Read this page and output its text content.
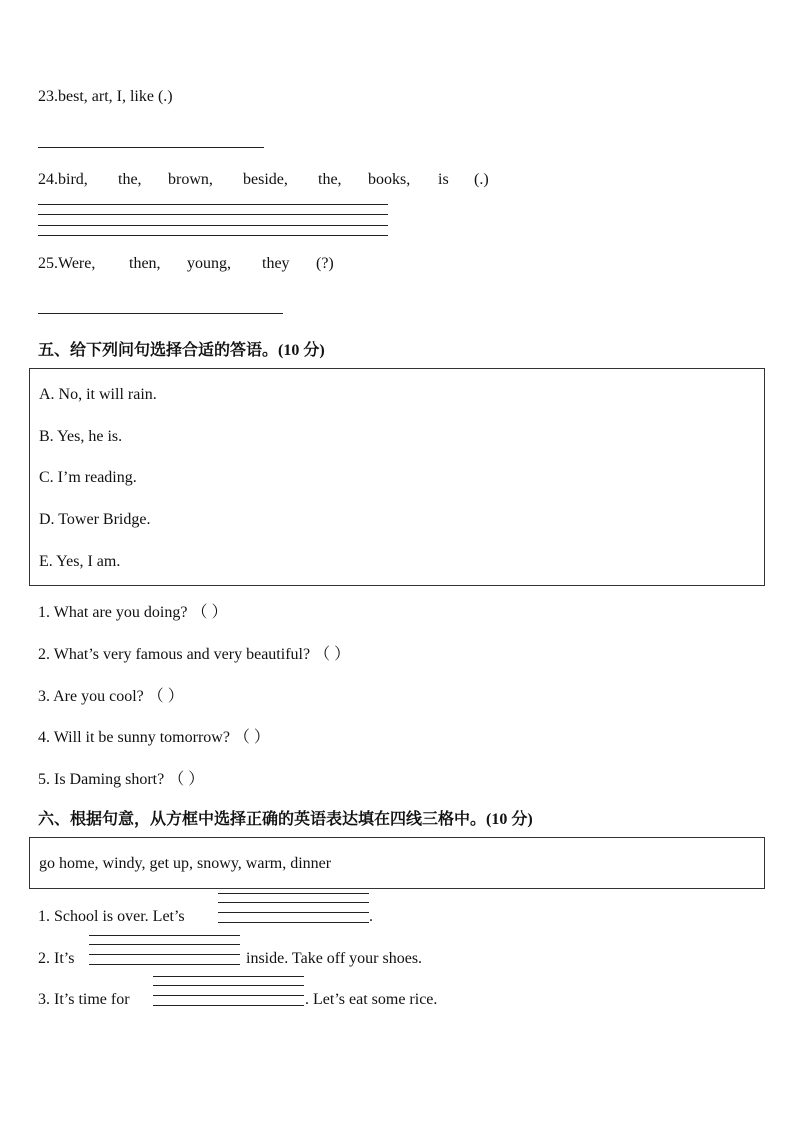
23.best, art, I, like (.)
24.bird, the, brown, beside, the, books, is (.)
25.Were, then, young, they (?)
五、给下列问句选择合适的答语。(10 分)
A. No, it will rain.
B. Yes, he is.
C. I’m reading.
D. Tower Bridge.
E. Yes, I am.
1. What are you doing? （ ）
2. What’s very famous and very beautiful? （ ）
3. Are you cool? （ ）
4. Will it be sunny tomorrow? （ ）
5. Is Daming short? （ ）
六、根据句意，从方框中选择正确的英语表达填在四线三格中。(10 分)
go home, windy, get up, snowy, warm, dinner
1. School is over. Let’s	.
2. It’s	inside. Take off your shoes.
3. It’s time for	. Let’s eat some rice.
